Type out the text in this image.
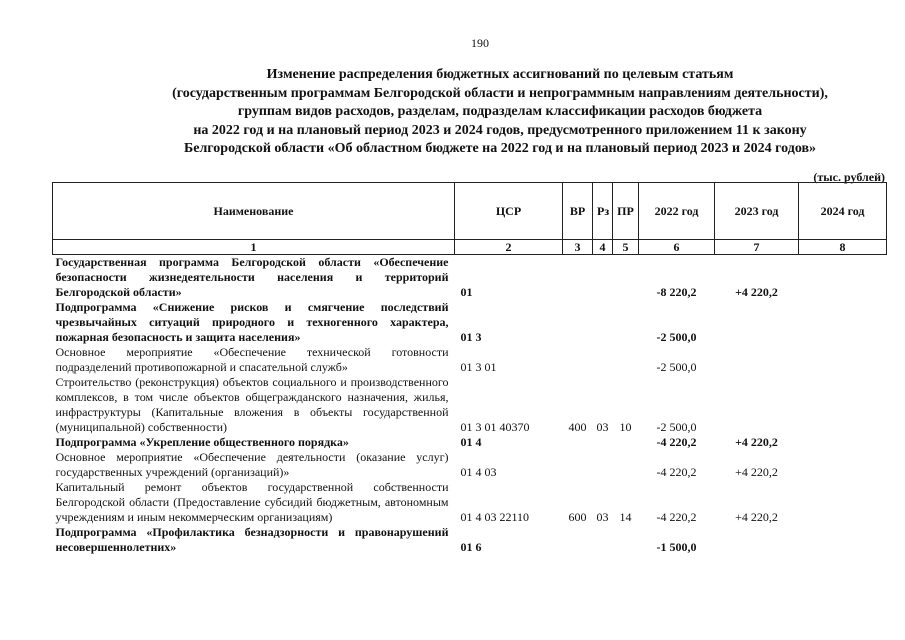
190
Изменение распределения бюджетных ассигнований по целевым статьям
(государственным программам Белгородской области и непрограммным направлениям деятельности),
группам видов расходов, разделам, подразделам классификации расходов бюджета
на 2022 год и на плановый период 2023 и 2024 годов, предусмотренного приложением 11 к закону
Белгородской области «Об областном бюджете на 2022 год и на плановый период 2023 и 2024 годов»
(тыс. рублей)
Наименование	ЦСР	ВР	Рз	ПР	2022 год	2023 год	2024 год
1	2	3	4	5	6	7	8
Государственная программа Белгородской области «Обеспечение безопасности жизнедеятельности населения и территорий Белгородской области»	01				-8 220,2	+4 220,2	
Подпрограмма «Снижение рисков и смягчение последствий чрезвычайных ситуаций природного и техногенного характера, пожарная безопасность и защита населения»	01 3				-2 500,0		
Основное мероприятие «Обеспечение технической готовности подразделений противопожарной и спасательной служб»	01 3 01				-2 500,0		
Строительство (реконструкция) объектов социального и производственного комплексов, в том числе объектов общегражданского назначения, жилья, инфраструктуры (Капитальные вложения в объекты государственной (муниципальной) собственности)	01 3 01 40370	400	03	10	-2 500,0		
Подпрограмма «Укрепление общественного порядка»	01 4				-4 220,2	+4 220,2	
Основное мероприятие «Обеспечение деятельности (оказание услуг) государственных учреждений (организаций)»	01 4 03				-4 220,2	+4 220,2	
Капитальный ремонт объектов государственной собственности Белгородской области (Предоставление субсидий бюджетным, автономным учреждениям и иным некоммерческим организациям)	01 4 03 22110	600	03	14	-4 220,2	+4 220,2	
Подпрограмма «Профилактика безнадзорности и правонарушений несовершеннолетних»	01 6				-1 500,0		
